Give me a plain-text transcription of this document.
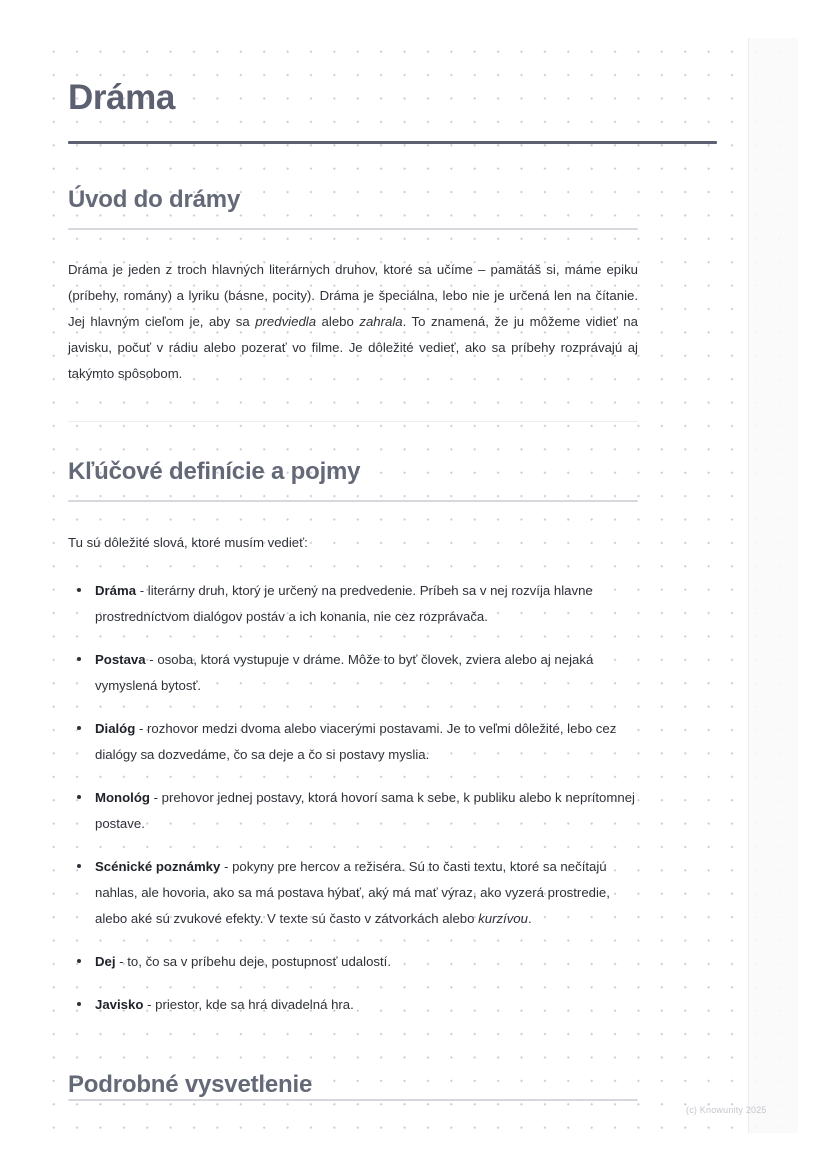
Dráma
Úvod do drámy

Dráma je jeden z troch hlavných literárnych druhov, ktoré sa učíme – pamätáš si, máme epiku (príbehy, romány) a lyriku (básne, pocity). Dráma je špeciálna, lebo nie je určená len na čítanie. Jej hlavným cieľom je, aby sa predviedla alebo zahrala. To znamená, že ju môžeme vidieť na javisku, počuť v rádiu alebo pozerať vo filme. Je dôležité vedieť, ako sa príbehy rozprávajú aj takýmto spôsobom.

Kľúčové definície a pojmy

Tu sú dôležité slová, ktoré musím vedieť:

Dráma - literárny druh, ktorý je určený na predvedenie. Príbeh sa v nej rozvíja hlavne prostredníctvom dialógov postáv a ich konania, nie cez rozprávača.
Postava - osoba, ktorá vystupuje v dráme. Môže to byť človek, zviera alebo aj nejaká vymyslená bytosť.
Dialóg - rozhovor medzi dvoma alebo viacerými postavami. Je to veľmi dôležité, lebo cez dialógy sa dozvedáme, čo sa deje a čo si postavy myslia.
Monológ - prehovor jednej postavy, ktorá hovorí sama k sebe, k publiku alebo k neprítomnej postave.
Scénické poznámky - pokyny pre hercov a režiséra. Sú to časti textu, ktoré sa nečítajú nahlas, ale hovoria, ako sa má postava hýbať, aký má mať výraz, ako vyzerá prostredie, alebo aké sú zvukové efekty. V texte sú často v zátvorkách alebo kurzívou.
Dej - to, čo sa v príbehu deje, postupnosť udalostí.
Javisko - priestor, kde sa hrá divadelná hra.
Podrobné vysvetlenie
(c) Knowunity 2025
